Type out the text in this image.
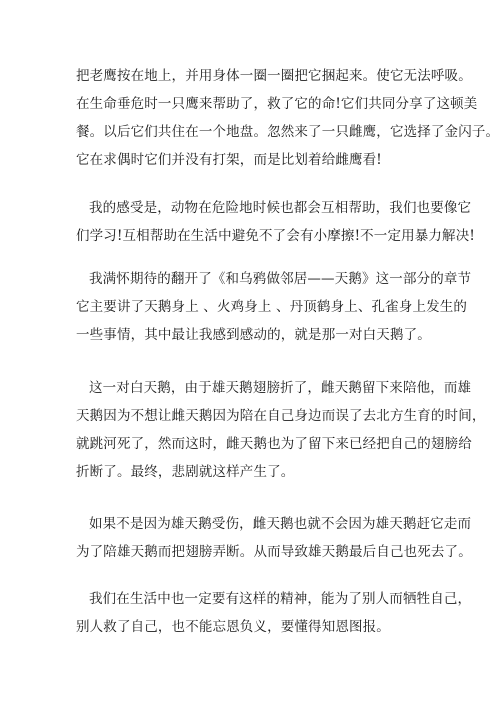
把老鹰按在地上，并用身体一圈一圈把它捆起来。使它无法呼吸。
在生命垂危时一只鹰来帮助了，救了它的命!它们共同分享了这顿美
餐。以后它们共住在一个地盘。忽然来了一只雌鹰，它选择了金闪子。
它在求偶时它们并没有打架，而是比划着给雌鹰看!

我的感受是，动物在危险地时候也都会互相帮助，我们也要像它
们学习!互相帮助在生活中避免不了会有小摩擦!不一定用暴力解决!

我满怀期待的翻开了《和乌鸦做邻居——天鹅》这一部分的章节
它主要讲了天鹅身上 、火鸡身上 、丹顶鹤身上、孔雀身上发生的
一些事情，其中最让我感到感动的，就是那一对白天鹅了。

这一对白天鹅，由于雄天鹅翅膀折了，雌天鹅留下来陪他，而雄
天鹅因为不想让雌天鹅因为陪在自己身边而误了去北方生育的时间，
就跳河死了，然而这时，雌天鹅也为了留下来已经把自己的翅膀给
折断了。最终，悲剧就这样产生了。

如果不是因为雄天鹅受伤，雌天鹅也就不会因为雄天鹅赶它走而
为了陪雄天鹅而把翅膀弄断。从而导致雄天鹅最后自己也死去了。

我们在生活中也一定要有这样的精神，能为了别人而牺牲自己，
别人救了自己，也不能忘恩负义，要懂得知恩图报。
